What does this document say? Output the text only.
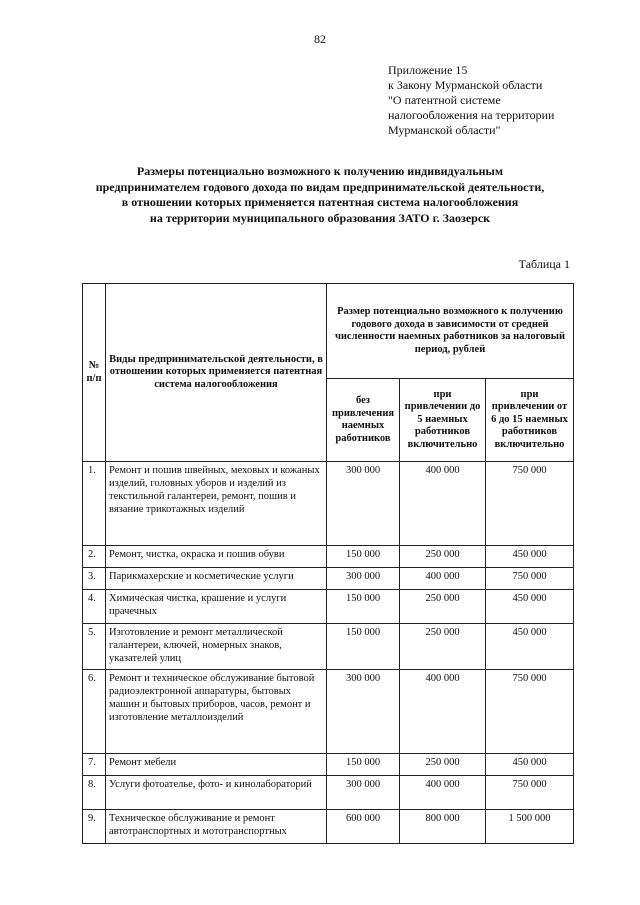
82
Приложение 15
к Закону Мурманской области
"О патентной системе
налогообложения на территории
Мурманской области"
Размеры потенциально возможного к получению индивидуальным
предпринимателем годового дохода по видам предпринимательской деятельности,
в отношении которых применяется патентная система налогообложения
на территории муниципального образования ЗАТО г. Заозерск
Таблица 1
№ п/п	Виды предпринимательской деятельности, в отношении которых применяется патентная система налогообложения	Размер потенциально возможного к получению годового дохода в зависимости от средней численности наемных работников за налоговый период, рублей		
		без привлечения наемных работников	при привлечении до 5 наемных работников включительно	при привлечении от 6 до 15 наемных работников включительно
1.	Ремонт и пошив швейных, меховых и кожаных изделий, головных уборов и изделий из текстильной галантереи, ремонт, пошив и вязание трикотажных изделий	300 000	400 000	750 000
2.	Ремонт, чистка, окраска и пошив обуви	150 000	250 000	450 000
3.	Парикмахерские и косметические услуги	300 000	400 000	750 000
4.	Химическая чистка, крашение и услуги прачечных	150 000	250 000	450 000
5.	Изготовление и ремонт металлической галантереи, ключей, номерных знаков, указателей улиц	150 000	250 000	450 000
6.	Ремонт и техническое обслуживание бытовой радиоэлектронной аппаратуры, бытовых машин и бытовых приборов, часов, ремонт и изготовление металлоизделий	300 000	400 000	750 000
7.	Ремонт мебели	150 000	250 000	450 000
8.	Услуги фотоателье, фото- и кинолабораторий	300 000	400 000	750 000
9.	Техническое обслуживание и ремонт автотранспортных и мототранспортных	600 000	800 000	1 500 000
